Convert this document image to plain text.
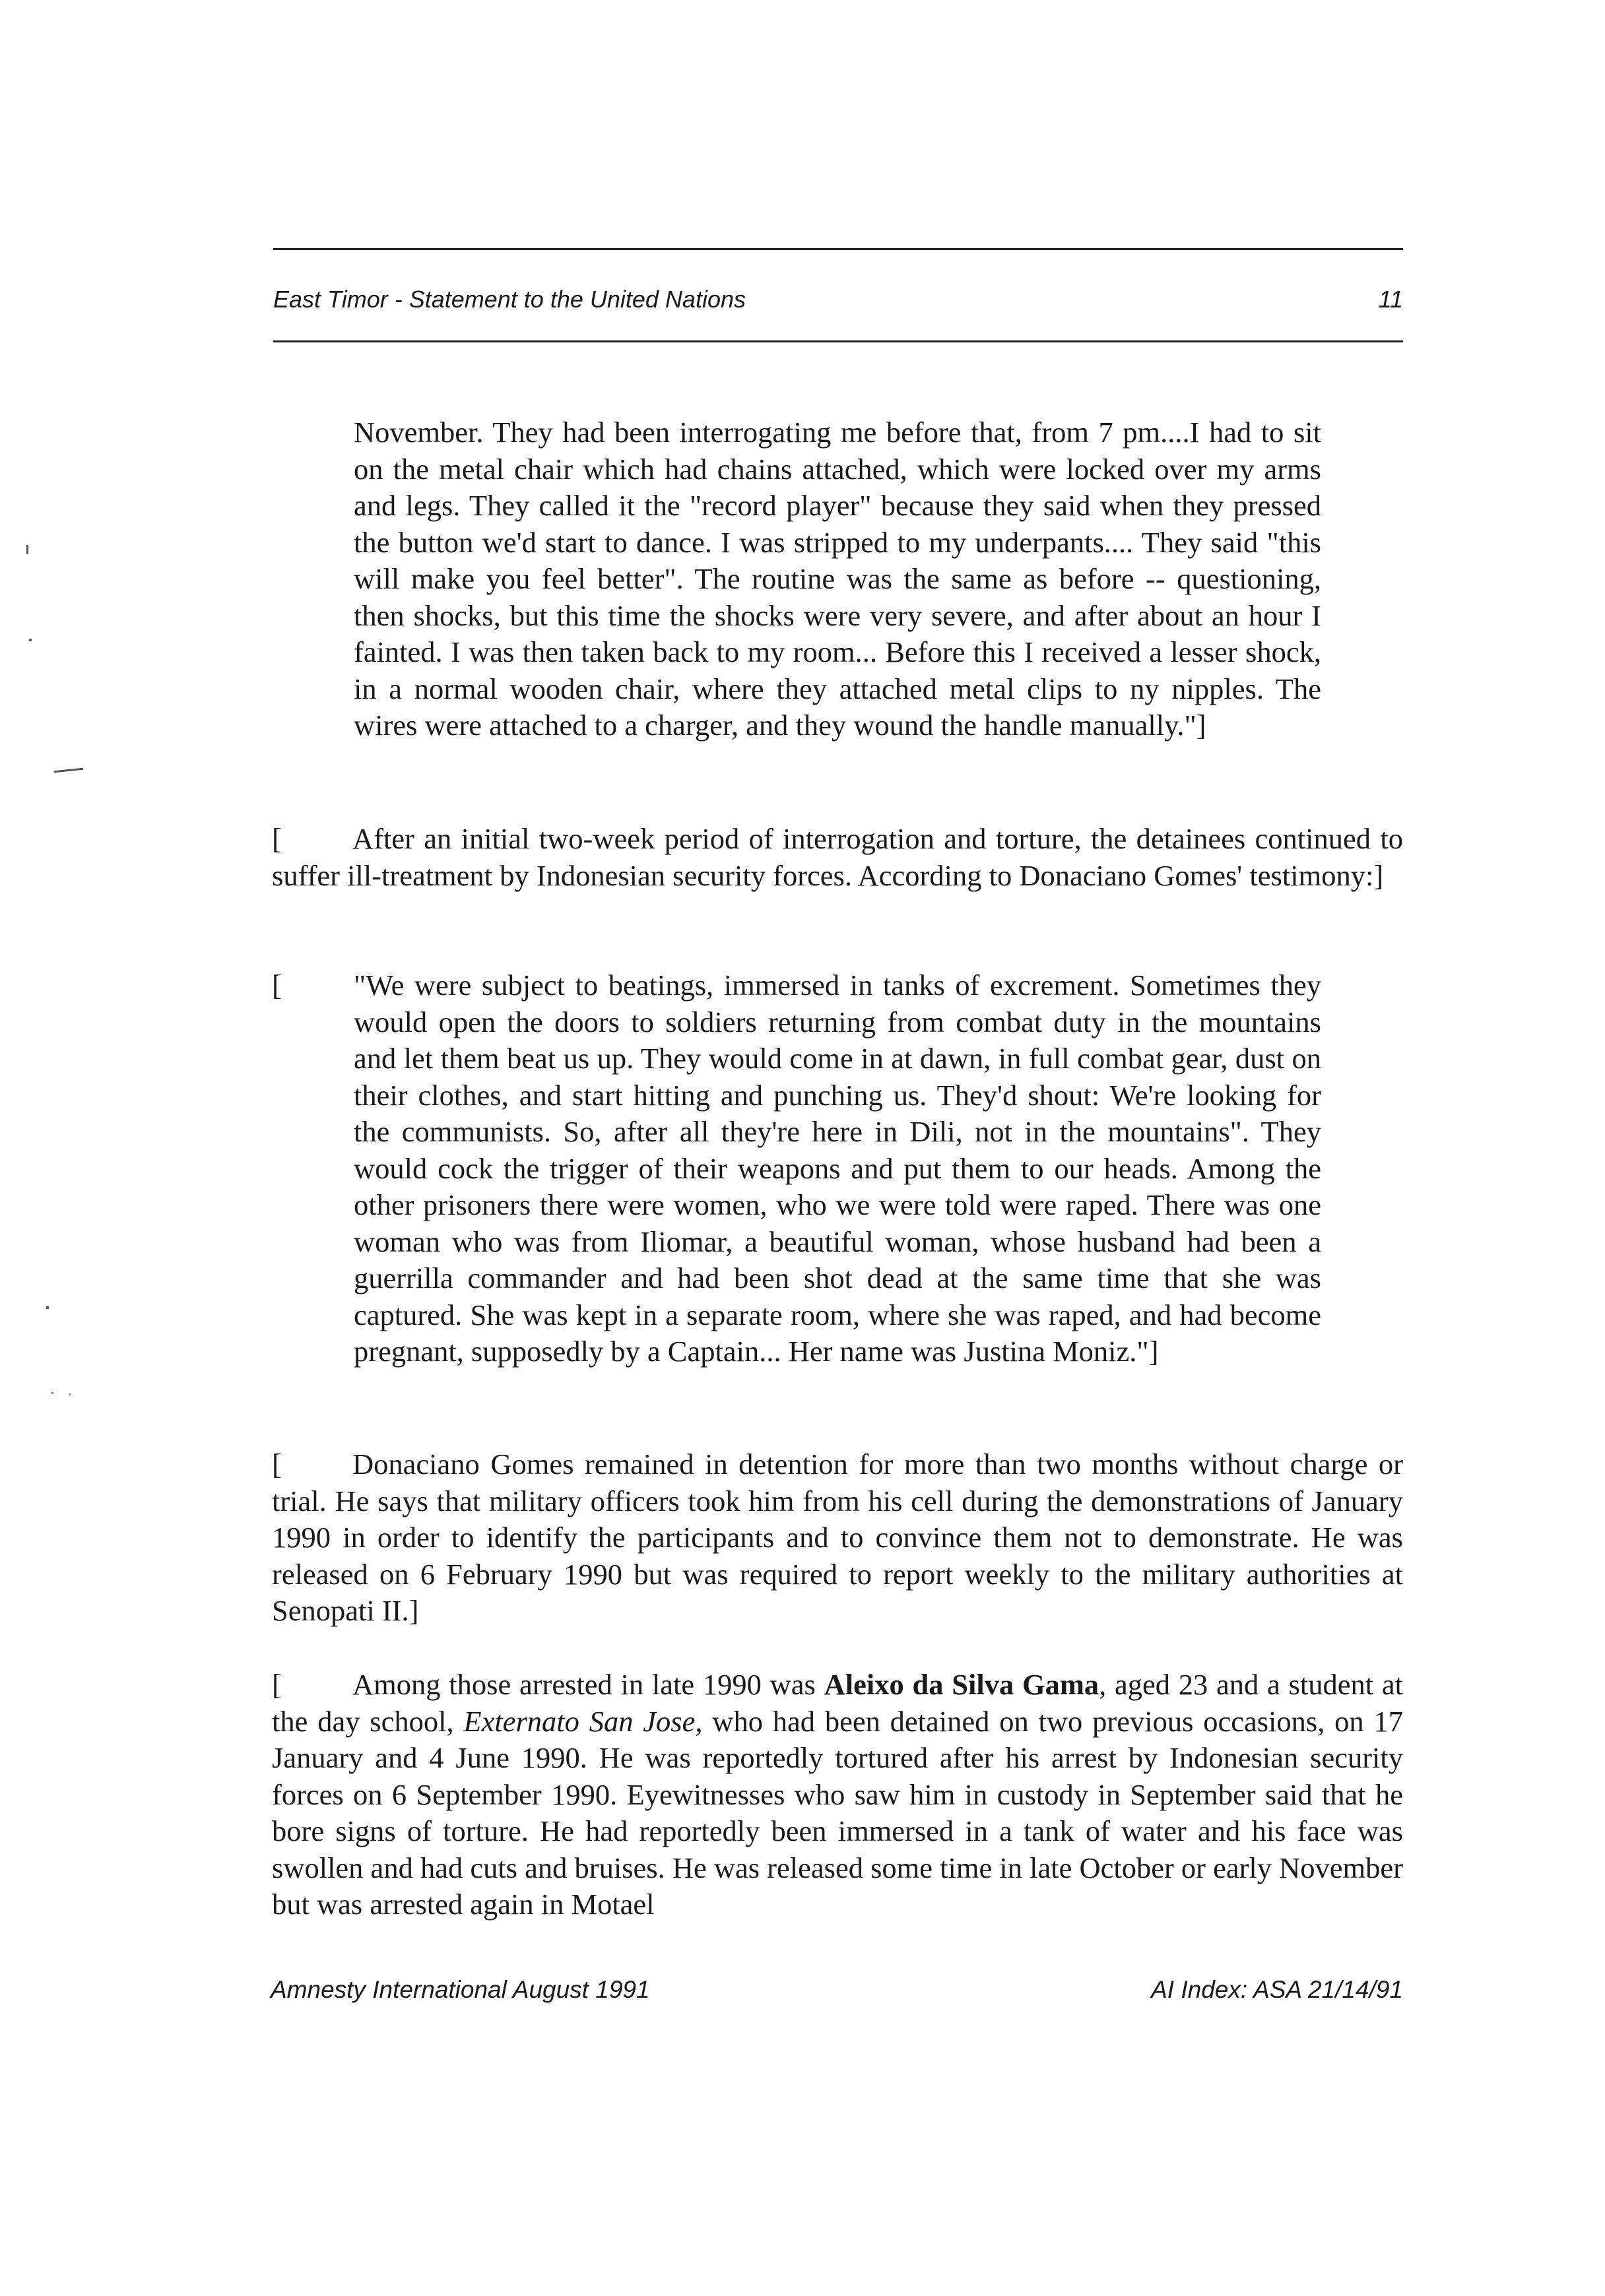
East Timor - Statement to the United Nations	11
November. They had been interrogating me before that, from 7 pm....I had to sit on the metal chair which had chains attached, which were locked over my arms and legs. They called it the "record player" because they said when they pressed the button we'd start to dance. I was stripped to my underpants.... They said "this will make you feel better". The routine was the same as before -- questioning, then shocks, but this time the shocks were very severe, and after about an hour I fainted. I was then taken back to my room... Before this I received a lesser shock, in a normal wooden chair, where they attached metal clips to ny nipples. The wires were attached to a charger, and they wound the handle manually."]
[ After an initial two-week period of interrogation and torture, the detainees continued to suffer ill-treatment by Indonesian security forces. According to Donaciano Gomes' testimony:]
[ "We were subject to beatings, immersed in tanks of excrement. Sometimes they would open the doors to soldiers returning from combat duty in the mountains and let them beat us up. They would come in at dawn, in full combat gear, dust on their clothes, and start hitting and punching us. They'd shout: We're looking for the communists. So, after all they're here in Dili, not in the mountains". They would cock the trigger of their weapons and put them to our heads. Among the other prisoners there were women, who we were told were raped. There was one woman who was from Iliomar, a beautiful woman, whose husband had been a guerrilla commander and had been shot dead at the same time that she was captured. She was kept in a separate room, where she was raped, and had become pregnant, supposedly by a Captain... Her name was Justina Moniz."]
[ Donaciano Gomes remained in detention for more than two months without charge or trial. He says that military officers took him from his cell during the demonstrations of January 1990 in order to identify the participants and to convince them not to demonstrate. He was released on 6 February 1990 but was required to report weekly to the military authorities at Senopati II.]
[ Among those arrested in late 1990 was Aleixo da Silva Gama, aged 23 and a student at the day school, Externato San Jose, who had been detained on two previous occasions, on 17 January and 4 June 1990. He was reportedly tortured after his arrest by Indonesian security forces on 6 September 1990. Eyewitnesses who saw him in custody in September said that he bore signs of torture. He had reportedly been immersed in a tank of water and his face was swollen and had cuts and bruises. He was released some time in late October or early November but was arrested again in Motael
Amnesty International August 1991	AI Index: ASA 21/14/91
